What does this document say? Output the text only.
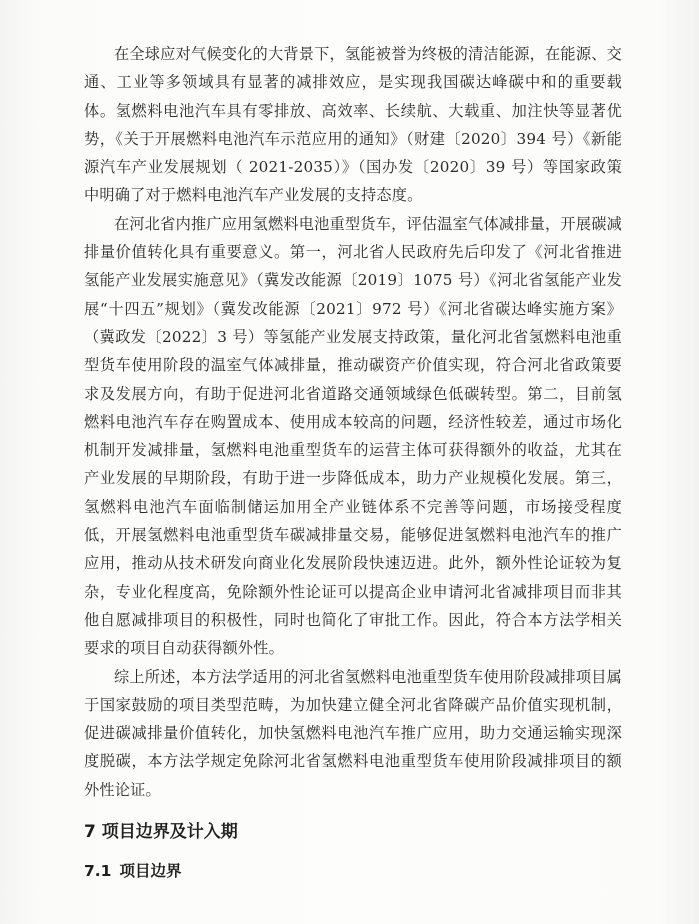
在全球应对气候变化的大背景下，氢能被誉为终极的清洁能源，在能源、交通、工业等多领域具有显著的减排效应，是实现我国碳达峰碳中和的重要载体。氢燃料电池汽车具有零排放、高效率、长续航、大载重、加注快等显著优势，《关于开展燃料电池汽车示范应用的通知》（财建〔2020〕394 号）《新能源汽车产业发展规划（ 2021-2035）》（国办发〔2020〕39 号）等国家政策中明确了对于燃料电池汽车产业发展的支持态度。

在河北省内推广应用氢燃料电池重型货车，评估温室气体减排量，开展碳减排量价值转化具有重要意义。第一，河北省人民政府先后印发了《河北省推进氢能产业发展实施意见》（冀发改能源〔2019〕1075 号）《河北省氢能产业发展“十四五”规划》（冀发改能源〔2021〕972 号）《河北省碳达峰实施方案》（冀政发〔2022〕3 号）等氢能产业发展支持政策，量化河北省氢燃料电池重型货车使用阶段的温室气体减排量，推动碳资产价值实现，符合河北省政策要求及发展方向，有助于促进河北省道路交通领域绿色低碳转型。第二，目前氢燃料电池汽车存在购置成本、使用成本较高的问题，经济性较差，通过市场化机制开发减排量，氢燃料电池重型货车的运营主体可获得额外的收益，尤其在产业发展的早期阶段，有助于进一步降低成本，助力产业规模化发展。第三，氢燃料电池汽车面临制储运加用全产业链体系不完善等问题，市场接受程度低，开展氢燃料电池重型货车碳减排量交易，能够促进氢燃料电池汽车的推广应用，推动从技术研发向商业化发展阶段快速迈进。此外，额外性论证较为复杂，专业化程度高，免除额外性论证可以提高企业申请河北省减排项目而非其他自愿减排项目的积极性，同时也简化了审批工作。因此，符合本方法学相关要求的项目自动获得额外性。

综上所述，本方法学适用的河北省氢燃料电池重型货车使用阶段减排项目属于国家鼓励的项目类型范畴，为加快建立健全河北省降碳产品价值实现机制，促进碳减排量价值转化，加快氢燃料电池汽车推广应用，助力交通运输实现深度脱碳，本方法学规定免除河北省氢燃料电池重型货车使用阶段减排项目的额外性论证。

7 项目边界及计入期
7.1 项目边界
